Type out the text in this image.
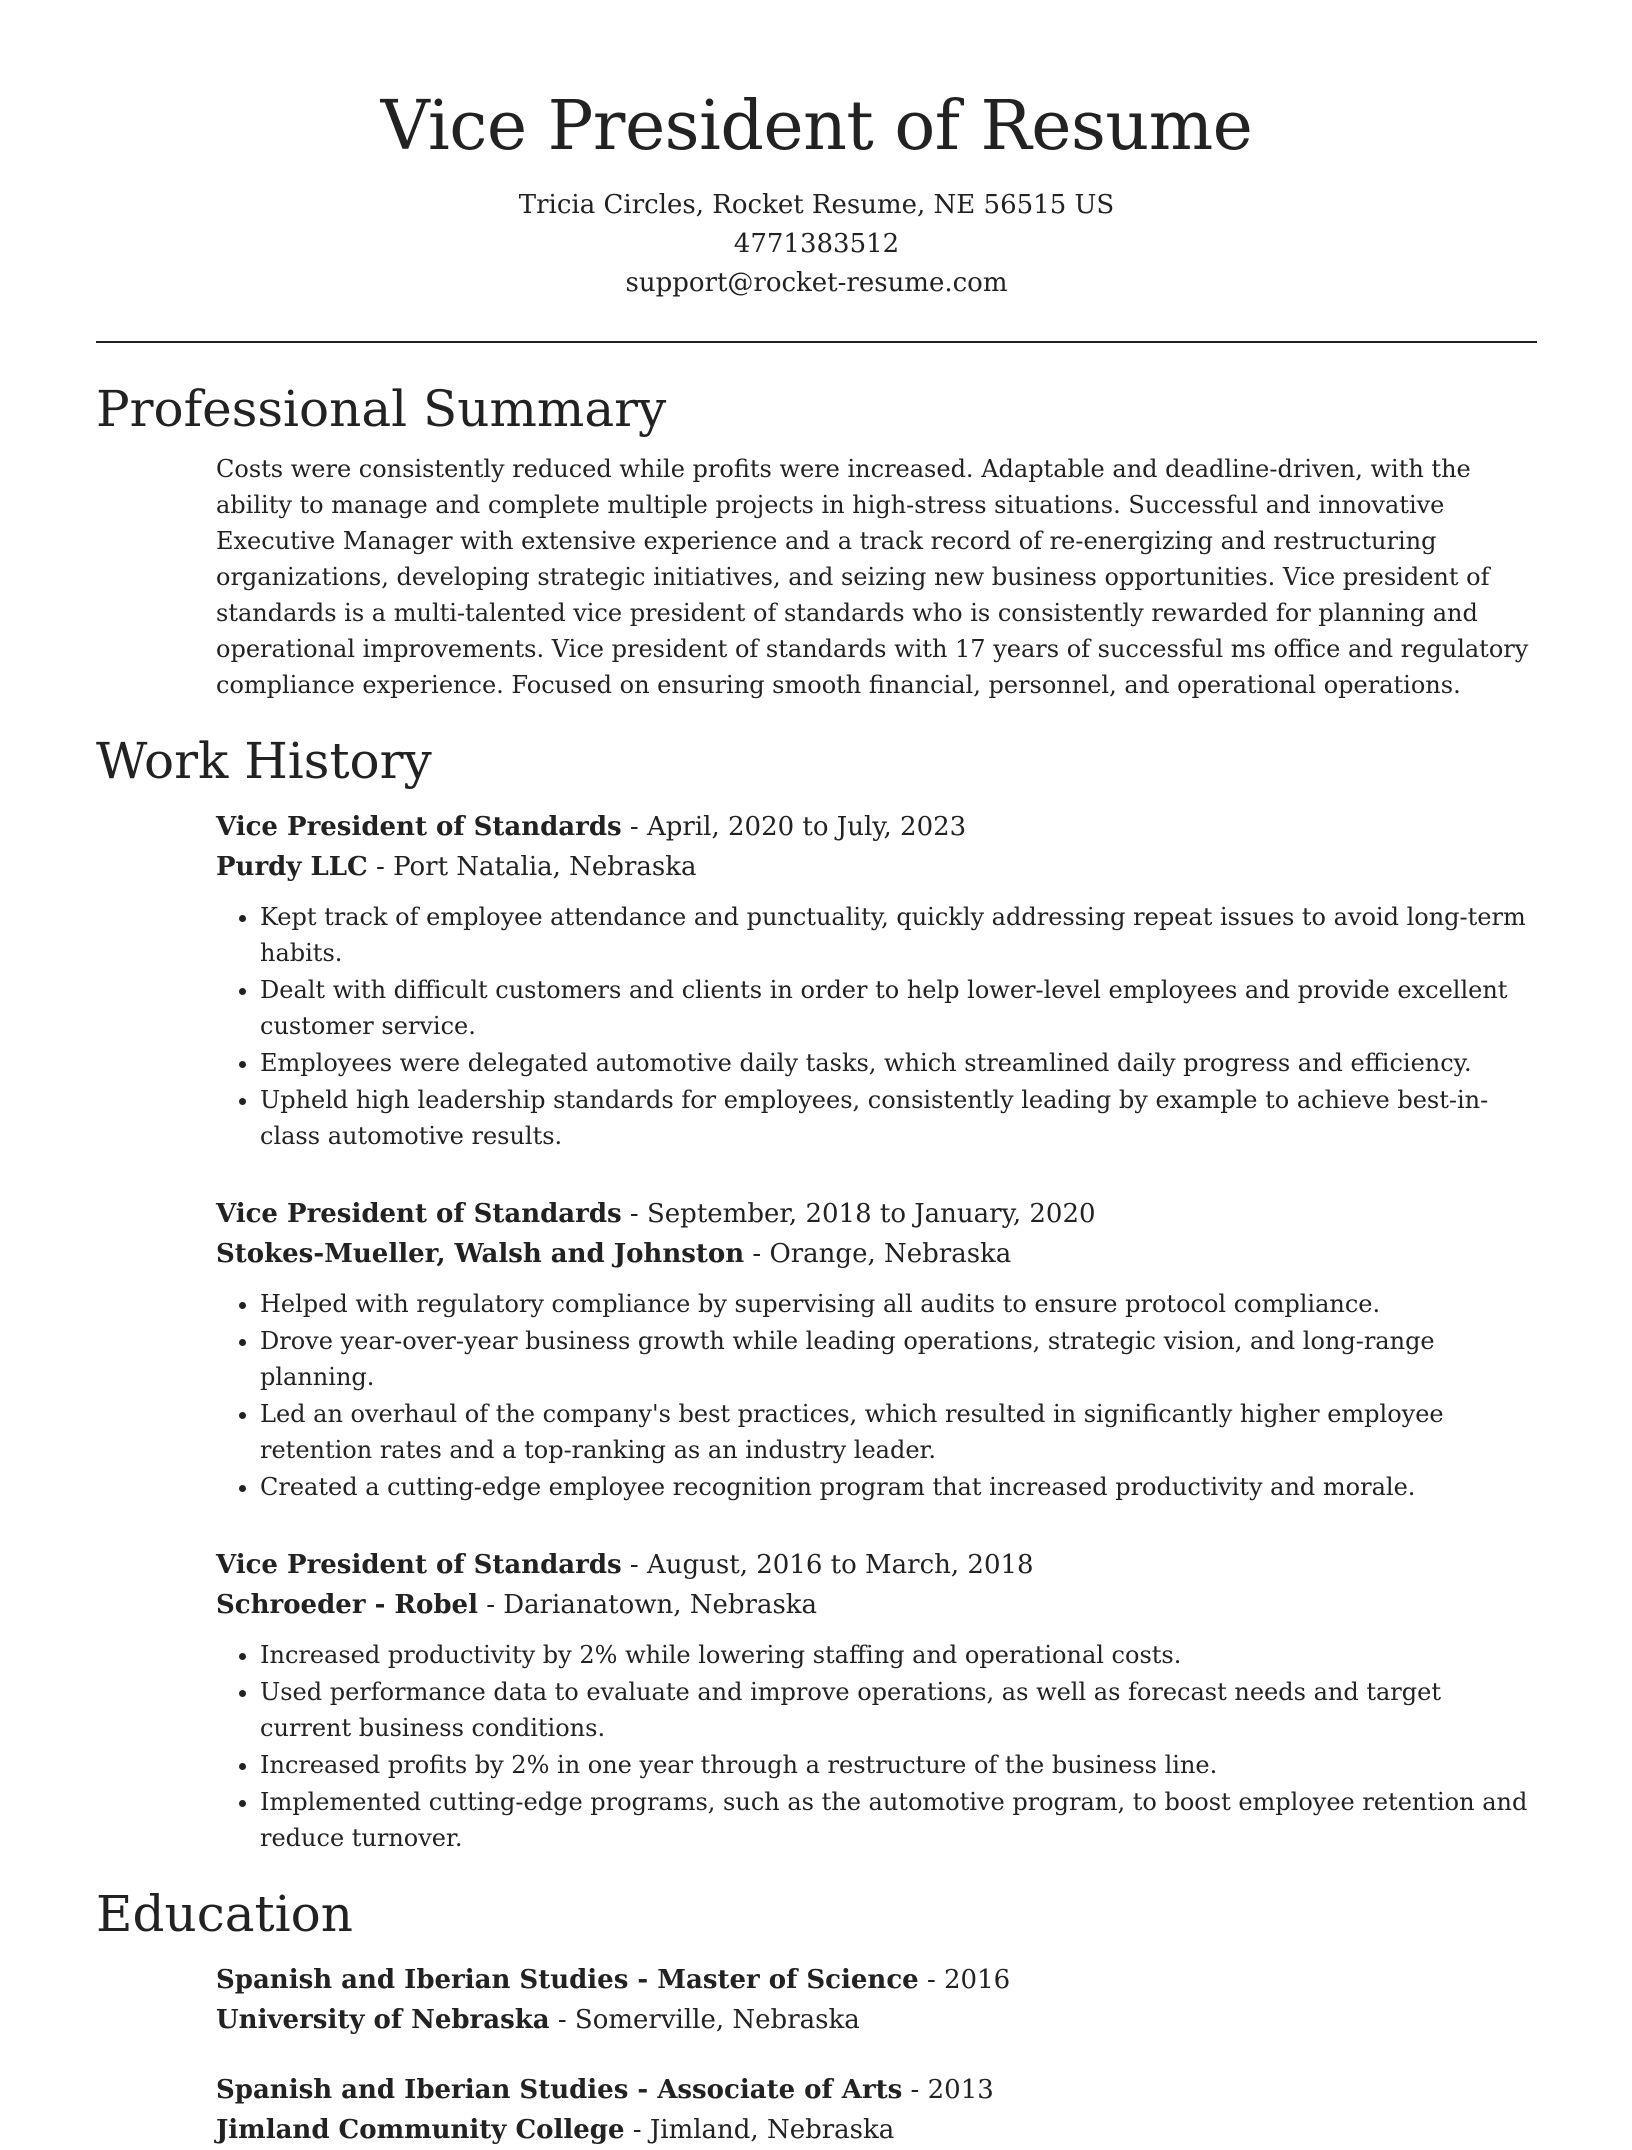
Vice President of Resume
Tricia Circles, Rocket Resume, NE 56515 US
4771383512
support@rocket-resume.com
Professional Summary

Costs were consistently reduced while profits were increased. Adaptable and deadline-driven, with the ability to manage and complete multiple projects in high-stress situations. Successful and innovative Executive Manager with extensive experience and a track record of re-energizing and restructuring organizations, developing strategic initiatives, and seizing new business opportunities. Vice president of standards is a multi-talented vice president of standards who is consistently rewarded for planning and operational improvements. Vice president of standards with 17 years of successful ms office and regulatory compliance experience. Focused on ensuring smooth financial, personnel, and operational operations.

Work History
Vice President of Standards - April, 2020 to July, 2023
Purdy LLC - Port Natalia, Nebraska
• Kept track of employee attendance and punctuality, quickly addressing repeat issues to avoid long-term habits.
• Dealt with difficult customers and clients in order to help lower-level employees and provide excellent customer service.
• Employees were delegated automotive daily tasks, which streamlined daily progress and efficiency.
• Upheld high leadership standards for employees, consistently leading by example to achieve best-in-class automotive results.
Vice President of Standards - September, 2018 to January, 2020
Stokes-Mueller, Walsh and Johnston - Orange, Nebraska
• Helped with regulatory compliance by supervising all audits to ensure protocol compliance.
• Drove year-over-year business growth while leading operations, strategic vision, and long-range planning.
• Led an overhaul of the company's best practices, which resulted in significantly higher employee retention rates and a top-ranking as an industry leader.
• Created a cutting-edge employee recognition program that increased productivity and morale.
Vice President of Standards - August, 2016 to March, 2018
Schroeder - Robel - Darianatown, Nebraska
• Increased productivity by 2% while lowering staffing and operational costs.
• Used performance data to evaluate and improve operations, as well as forecast needs and target current business conditions.
• Increased profits by 2% in one year through a restructure of the business line.
• Implemented cutting-edge programs, such as the automotive program, to boost employee retention and reduce turnover.
Education
Spanish and Iberian Studies - Master of Science - 2016
University of Nebraska - Somerville, Nebraska
Spanish and Iberian Studies - Associate of Arts - 2013
Jimland Community College - Jimland, Nebraska
